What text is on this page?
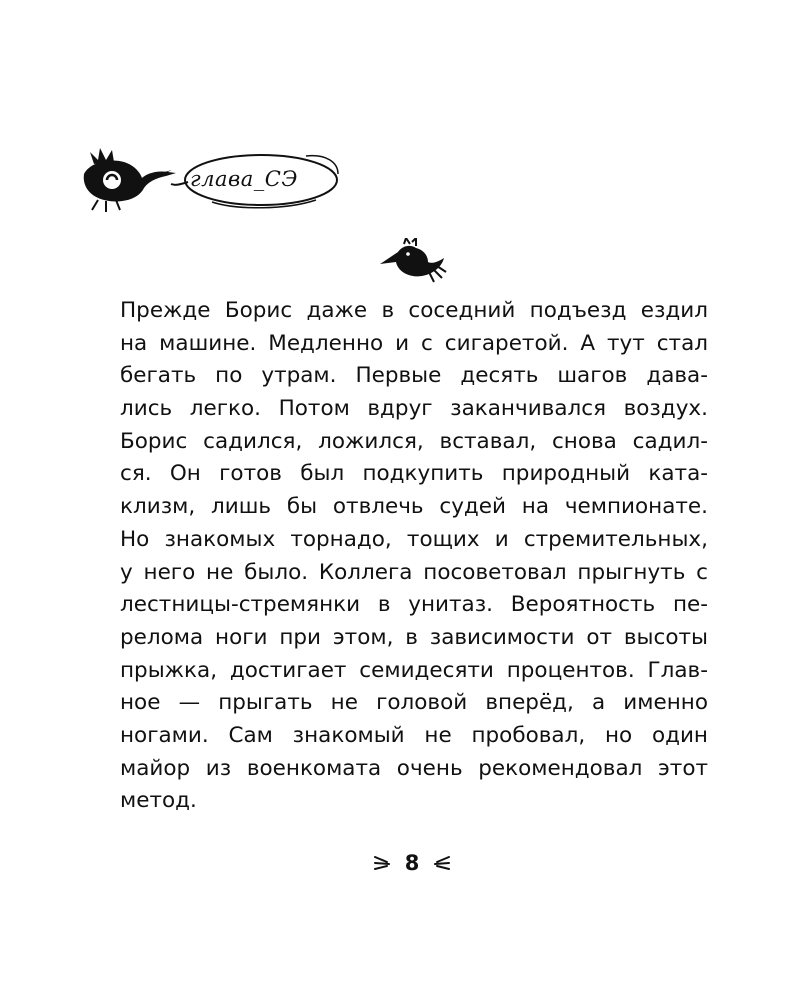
глава_СЭ
Прежде Борис даже в соседний подъезд ездил
на машине. Медленно и с сигаретой. А тут стал
бегать по утрам. Первые десять шагов дава-
лись легко. Потом вдруг заканчивался воздух.
Борис садился, ложился, вставал, снова садил-
ся. Он готов был подкупить природный ката-
клизм, лишь бы отвлечь судей на чемпионате.
Но знакомых торнадо, тощих и стремительных,
у него не было. Коллега посоветовал прыгнуть с
лестницы-стремянки в унитаз. Вероятность пе-
релома ноги при этом, в зависимости от высоты
прыжка, достигает семидесяти процентов. Глав-
ное — прыгать не головой вперёд, а именно
ногами. Сам знакомый не пробовал, но один
майор из военкомата очень рекомендовал этот
метод.
8
